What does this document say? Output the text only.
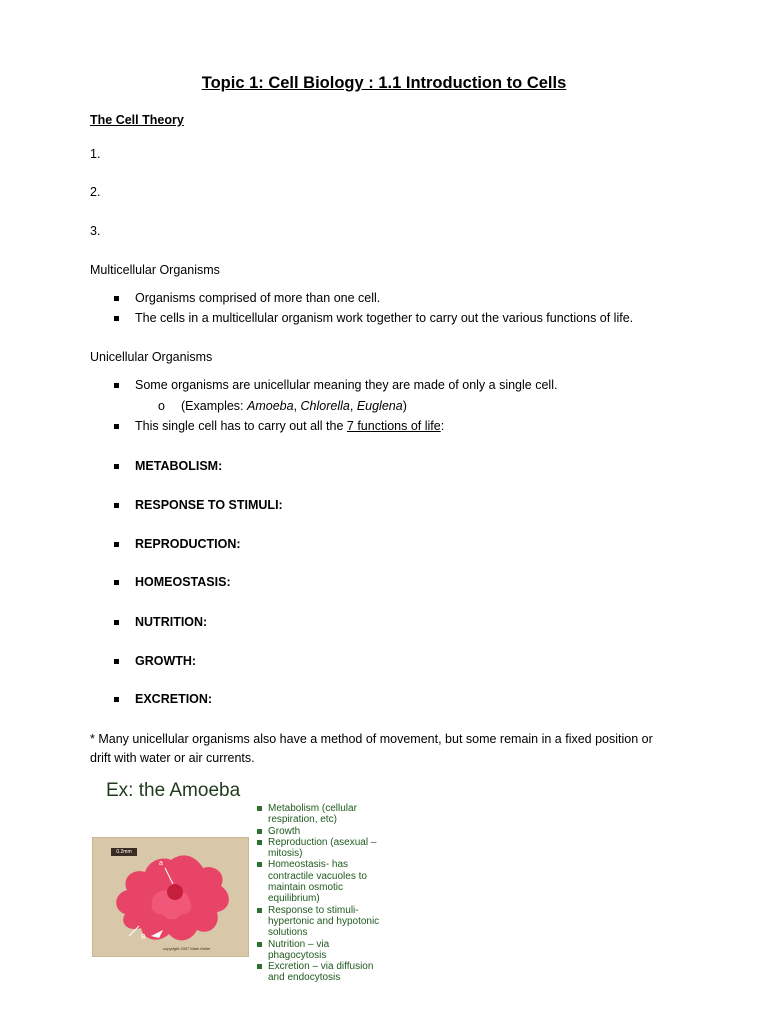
Topic 1: Cell Biology : 1.1 Introduction to Cells
The Cell Theory
1.
2.
3.
Multicellular Organisms
Organisms comprised of more than one cell.
The cells in a multicellular organism work together to carry out the various functions of life.
Unicellular Organisms
Some organisms are unicellular meaning they are made of only a single cell.
o (Examples: Amoeba, Chlorella, Euglena)
This single cell has to carry out all the 7 functions of life:
METABOLISM:
RESPONSE TO STIMULI:
REPRODUCTION:
HOMEOSTASIS:
NUTRITION:
GROWTH:
EXCRETION:
* Many unicellular organisms also have a method of movement, but some remain in a fixed position or
drift with water or air currents.
Ex: the Amoeba
0.2mm
a
B
copyright 2007 Mark Keller
Metabolism (cellular
respiration, etc)
Growth
Reproduction (asexual –
mitosis)
Homeostasis- has
contractile vacuoles to
maintain osmotic
equilibrium)
Response to stimuli-
hypertonic and hypotonic
solutions
Nutrition – via
phagocytosis
Excretion – via diffusion
and endocytosis
